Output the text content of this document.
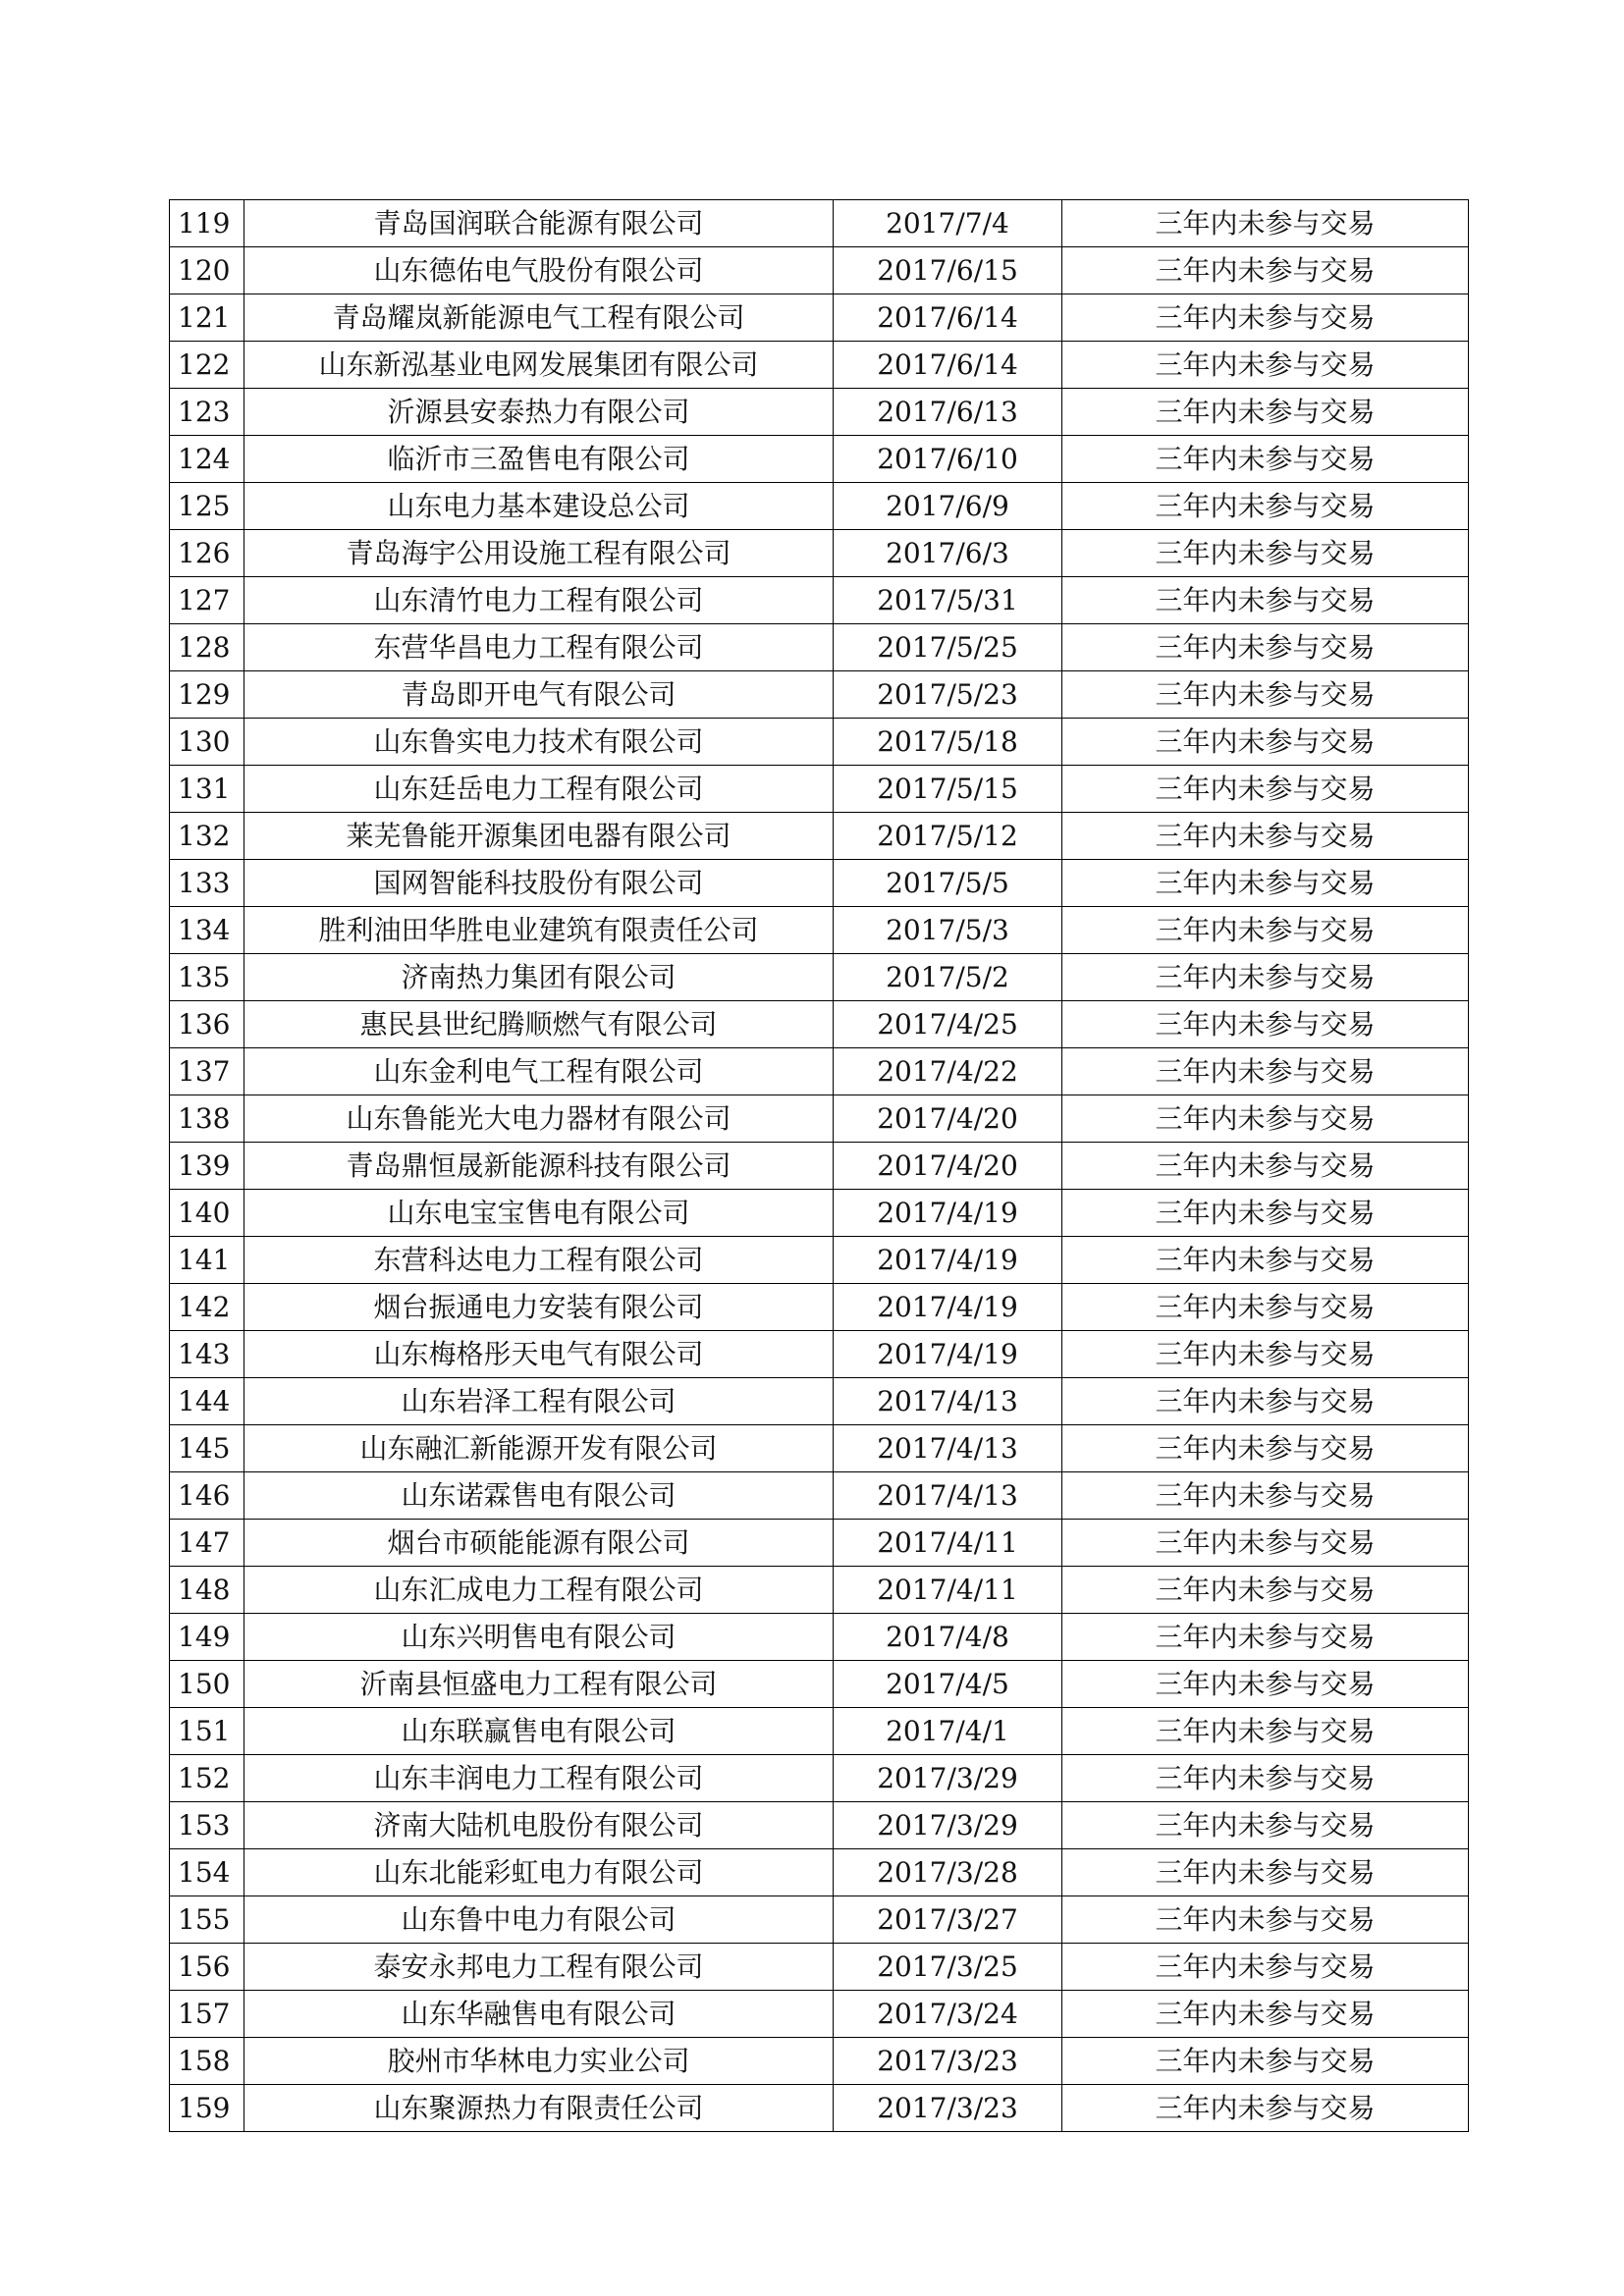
119	青岛国润联合能源有限公司	2017/7/4	三年内未参与交易
120	山东德佑电气股份有限公司	2017/6/15	三年内未参与交易
121	青岛耀岚新能源电气工程有限公司	2017/6/14	三年内未参与交易
122	山东新泓基业电网发展集团有限公司	2017/6/14	三年内未参与交易
123	沂源县安泰热力有限公司	2017/6/13	三年内未参与交易
124	临沂市三盈售电有限公司	2017/6/10	三年内未参与交易
125	山东电力基本建设总公司	2017/6/9	三年内未参与交易
126	青岛海宇公用设施工程有限公司	2017/6/3	三年内未参与交易
127	山东清竹电力工程有限公司	2017/5/31	三年内未参与交易
128	东营华昌电力工程有限公司	2017/5/25	三年内未参与交易
129	青岛即开电气有限公司	2017/5/23	三年内未参与交易
130	山东鲁实电力技术有限公司	2017/5/18	三年内未参与交易
131	山东廷岳电力工程有限公司	2017/5/15	三年内未参与交易
132	莱芜鲁能开源集团电器有限公司	2017/5/12	三年内未参与交易
133	国网智能科技股份有限公司	2017/5/5	三年内未参与交易
134	胜利油田华胜电业建筑有限责任公司	2017/5/3	三年内未参与交易
135	济南热力集团有限公司	2017/5/2	三年内未参与交易
136	惠民县世纪腾顺燃气有限公司	2017/4/25	三年内未参与交易
137	山东金利电气工程有限公司	2017/4/22	三年内未参与交易
138	山东鲁能光大电力器材有限公司	2017/4/20	三年内未参与交易
139	青岛鼎恒晟新能源科技有限公司	2017/4/20	三年内未参与交易
140	山东电宝宝售电有限公司	2017/4/19	三年内未参与交易
141	东营科达电力工程有限公司	2017/4/19	三年内未参与交易
142	烟台振通电力安装有限公司	2017/4/19	三年内未参与交易
143	山东梅格彤天电气有限公司	2017/4/19	三年内未参与交易
144	山东岩泽工程有限公司	2017/4/13	三年内未参与交易
145	山东融汇新能源开发有限公司	2017/4/13	三年内未参与交易
146	山东诺霖售电有限公司	2017/4/13	三年内未参与交易
147	烟台市硕能能源有限公司	2017/4/11	三年内未参与交易
148	山东汇成电力工程有限公司	2017/4/11	三年内未参与交易
149	山东兴明售电有限公司	2017/4/8	三年内未参与交易
150	沂南县恒盛电力工程有限公司	2017/4/5	三年内未参与交易
151	山东联赢售电有限公司	2017/4/1	三年内未参与交易
152	山东丰润电力工程有限公司	2017/3/29	三年内未参与交易
153	济南大陆机电股份有限公司	2017/3/29	三年内未参与交易
154	山东北能彩虹电力有限公司	2017/3/28	三年内未参与交易
155	山东鲁中电力有限公司	2017/3/27	三年内未参与交易
156	泰安永邦电力工程有限公司	2017/3/25	三年内未参与交易
157	山东华融售电有限公司	2017/3/24	三年内未参与交易
158	胶州市华林电力实业公司	2017/3/23	三年内未参与交易
159	山东聚源热力有限责任公司	2017/3/23	三年内未参与交易
